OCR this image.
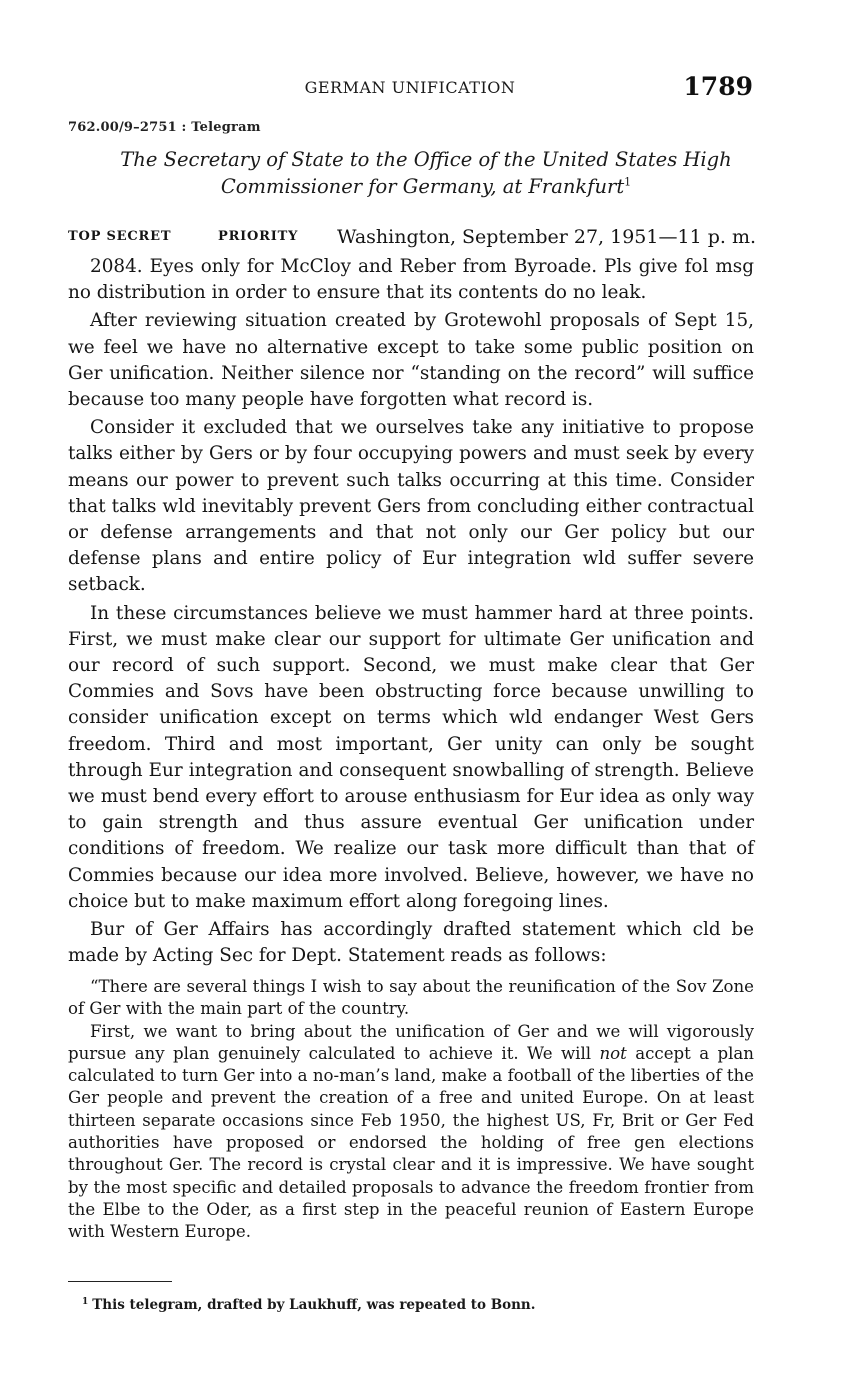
GERMAN UNIFICATION	1789
762.00/9–2751 : Telegram
The Secretary of State to the Office of the United States High
Commissioner for Germany, at Frankfurt$^1$
TOP SECRET	PRIORITY Washington, September 27, 1951—11 p. m.

2084. Eyes only for McCloy and Reber from Byroade. Pls give fol msg no distribution in order to ensure that its contents do no leak.

After reviewing situation created by Grotewohl proposals of Sept 15, we feel we have no alternative except to take some public position on Ger unification. Neither silence nor “standing on the record” will suffice because too many people have forgotten what record is.

Consider it excluded that we ourselves take any initiative to propose talks either by Gers or by four occupying powers and must seek by every means our power to prevent such talks occurring at this time. Consider that talks wld inevitably prevent Gers from concluding either contractual or defense arrangements and that not only our Ger policy but our defense plans and entire policy of Eur integration wld suffer severe setback.

In these circumstances believe we must hammer hard at three points. First, we must make clear our support for ultimate Ger unification and our record of such support. Second, we must make clear that Ger Commies and Sovs have been obstructing force because unwilling to consider unification except on terms which wld endanger West Gers freedom. Third and most important, Ger unity can only be sought through Eur integration and consequent snowballing of strength. Believe we must bend every effort to arouse enthusiasm for Eur idea as only way to gain strength and thus assure eventual Ger unification under conditions of freedom. We realize our task more difficult than that of Commies because our idea more involved. Believe, however, we have no choice but to make maximum effort along foregoing lines.

Bur of Ger Affairs has accordingly drafted statement which cld be made by Acting Sec for Dept. Statement reads as follows:

“There are several things I wish to say about the reunification of the Sov Zone of Ger with the main part of the country.

First, we want to bring about the unification of Ger and we will vigorously pursue any plan genuinely calculated to achieve it. We will not accept a plan calculated to turn Ger into a no-man’s land, make a football of the liberties of the Ger people and prevent the creation of a free and united Europe. On at least thirteen separate occasions since Feb 1950, the highest US, Fr, Brit or Ger Fed authorities have proposed or endorsed the holding of free gen elections throughout Ger. The record is crystal clear and it is impressive. We have sought by the most specific and detailed proposals to advance the freedom frontier from the Elbe to the Oder, as a first step in the peaceful reunion of Eastern Europe with Western Europe.

$^1$ This telegram, drafted by Laukhuff, was repeated to Bonn.
